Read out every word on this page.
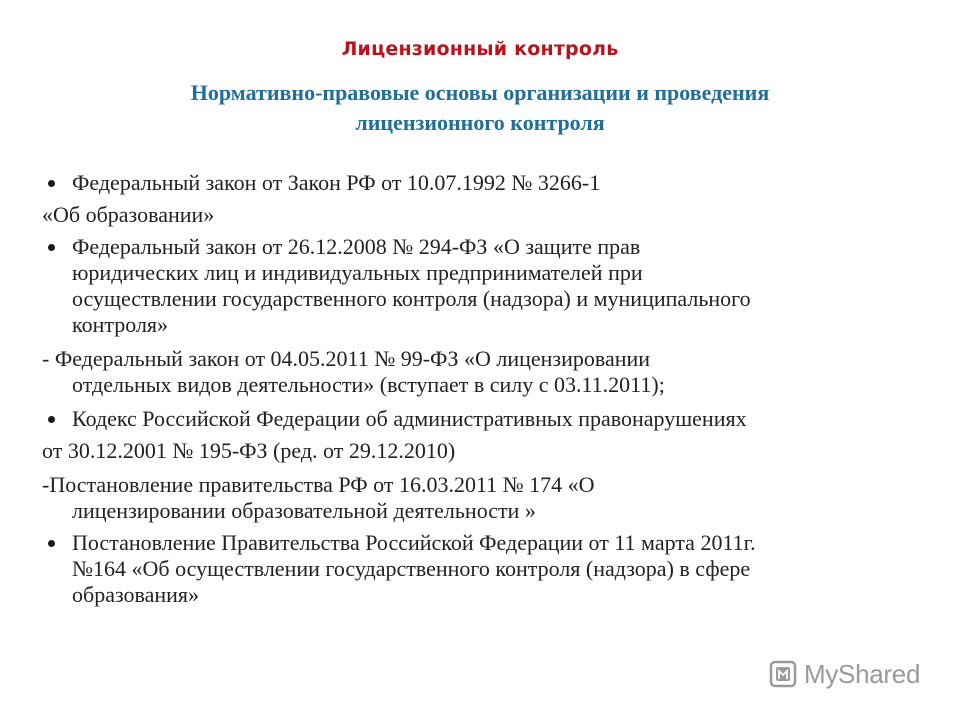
Лицензионный контроль
Нормативно-правовые основы организации и проведения
лицензионного контроля
Федеральный закон от Закон РФ от 10.07.1992 № 3266-1
«Об образовании»
Федеральный закон от 26.12.2008 № 294-ФЗ «О защите прав
юридических лиц и индивидуальных предпринимателей при
осуществлении государственного контроля (надзора) и муниципального
контроля»
- Федеральный закон от 04.05.2011 № 99-ФЗ «О лицензировании
отдельных видов деятельности» (вступает в силу с 03.11.2011);
Кодекс Российской Федерации об административных правонарушениях
от 30.12.2001 № 195-ФЗ (ред. от 29.12.2010)
-Постановление правительства РФ от 16.03.2011 № 174 «О
лицензировании образовательной деятельности »
Постановление Правительства Российской Федерации от 11 марта 2011г.
№164 «Об осуществлении государственного контроля (надзора) в сфере
образования»
MyShared
